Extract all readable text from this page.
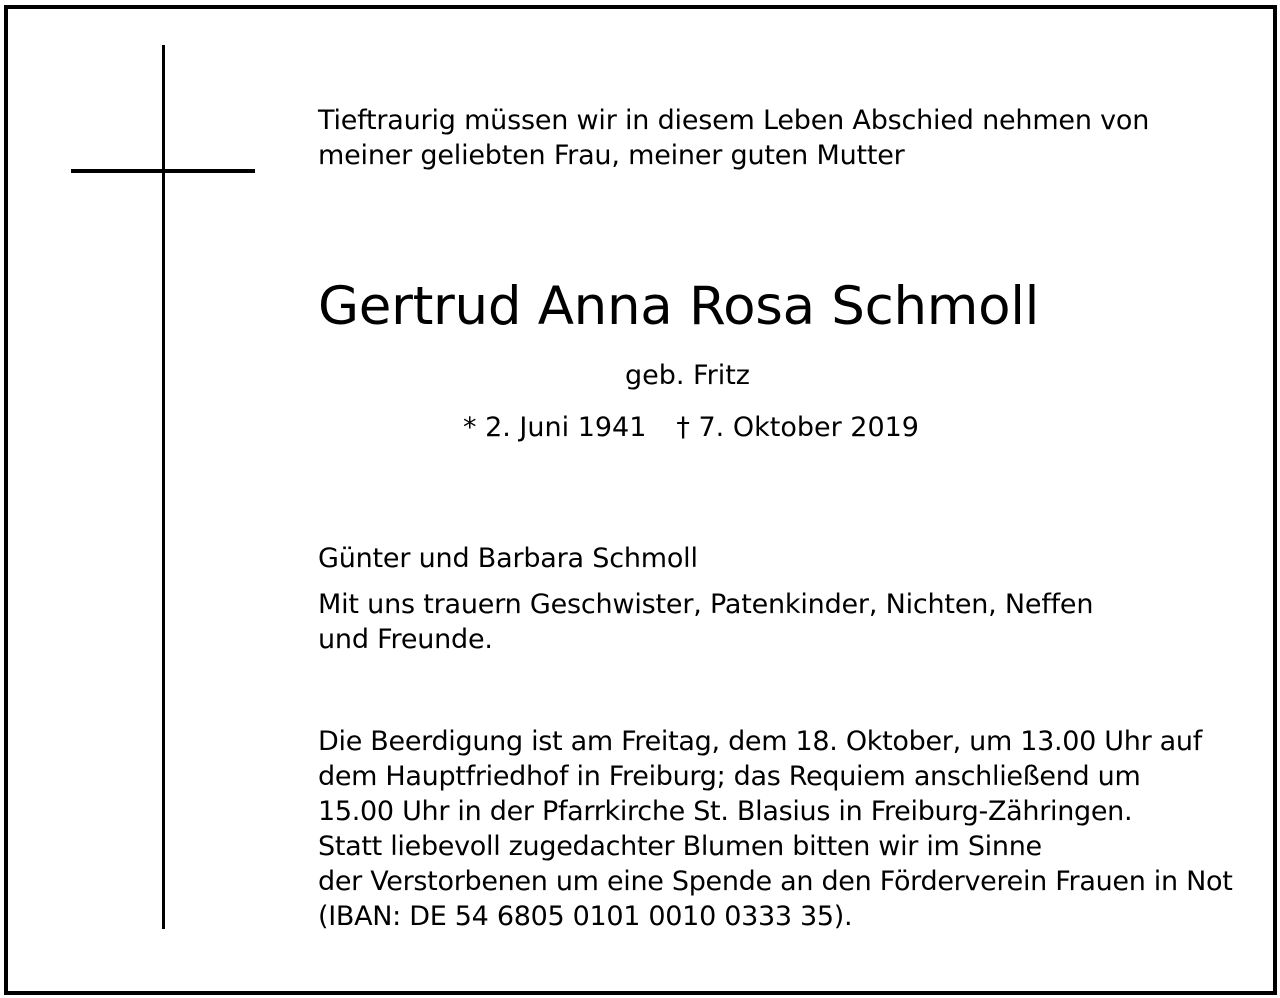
Tieftraurig müssen wir in diesem Leben Abschied nehmen von
meiner geliebten Frau, meiner guten Mutter
Gertrud Anna Rosa Schmoll
geb. Fritz
* 2. Juni 1941 † 7. Oktober 2019
Günter und Barbara Schmoll
Mit uns trauern Geschwister, Patenkinder, Nichten, Neffen
und Freunde.
Die Beerdigung ist am Freitag, dem 18. Oktober, um 13.00 Uhr auf
dem Hauptfriedhof in Freiburg; das Requiem anschließend um
15.00 Uhr in der Pfarrkirche St. Blasius in Freiburg-Zähringen.
Statt liebevoll zugedachter Blumen bitten wir im Sinne
der Verstorbenen um eine Spende an den Förderverein Frauen in Not
(IBAN: DE 54 6805 0101 0010 0333 35).
